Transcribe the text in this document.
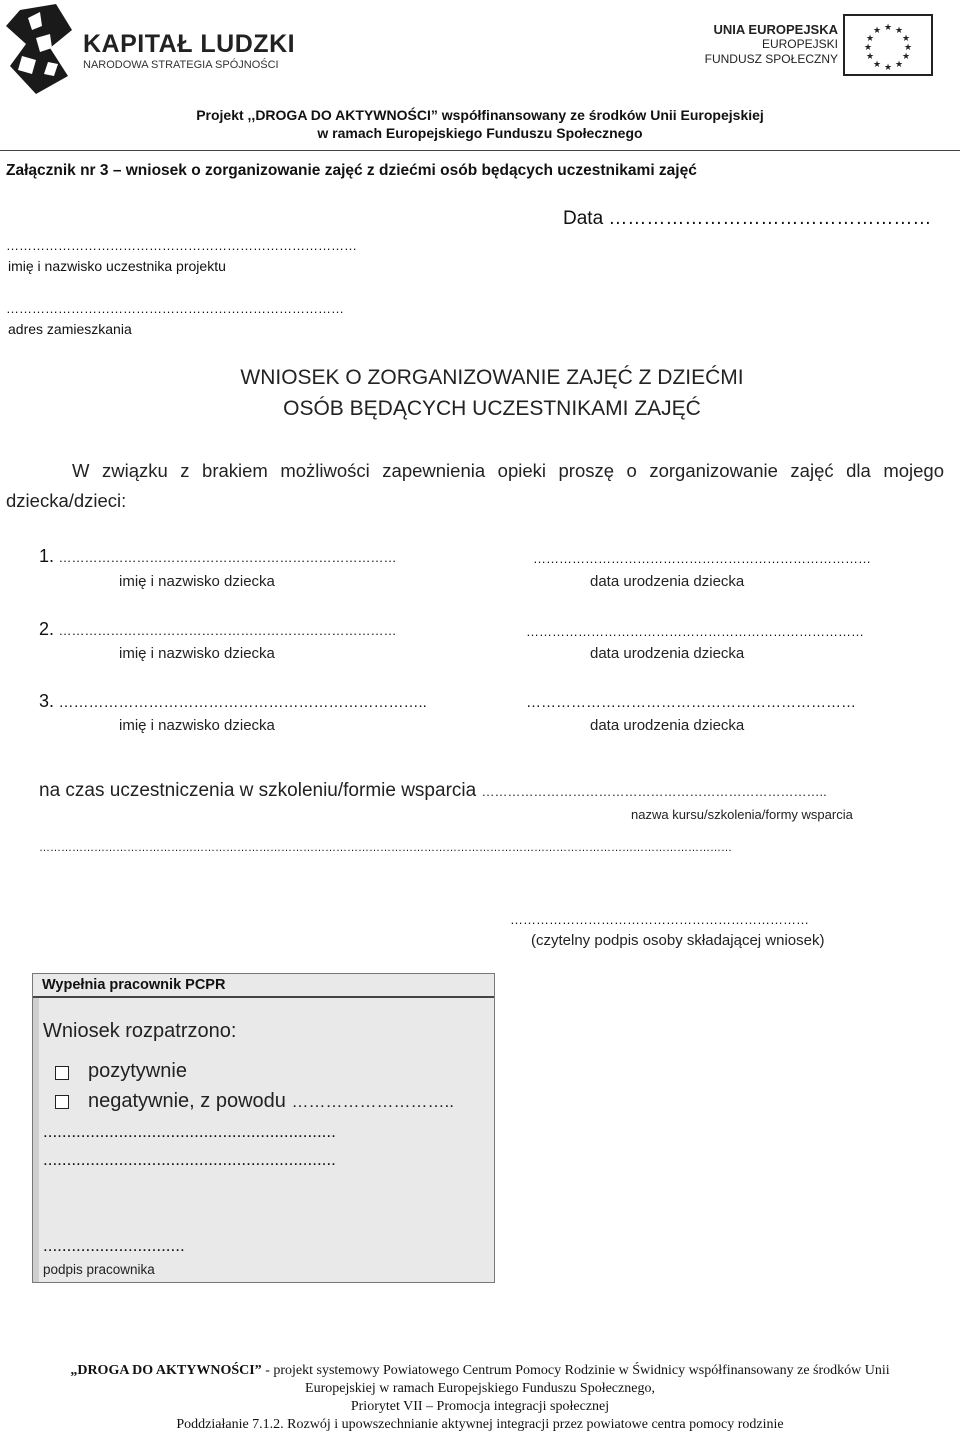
KAPITAŁ LUDZKI
NARODOWA STRATEGIA SPÓJNOŚCI
UNIA EUROPEJSKA
EUROPEJSKI
FUNDUSZ SPOŁECZNY
★ ★
★
★
★
★
★
★
★
★
★
★
Projekt ,,DROGA DO AKTYWNOŚCI” współfinansowany ze środków Unii Europejskiej
w ramach Europejskiego Funduszu Społecznego
Załącznik nr 3 – wniosek o zorganizowanie zajęć z dziećmi osób będących uczestnikami zajęć
Data ……………………………………………
………………………………………………………………………
imię i nazwisko uczestnika projektu
……………………………………………………………………
adres zamieszkania
WNIOSEK O ZORGANIZOWANIE ZAJĘĆ Z DZIEĆMI
OSÓB BĘDĄCYCH UCZESTNIKAMI ZAJĘĆ
W związku z brakiem możliwości zapewnienia opieki proszę o zorganizowanie zajęć dla mojego dziecka/dzieci:
1. ……………………………………………………………………	……………………………………………………………………
imię i nazwisko dziecka	data urodzenia dziecka
2. ……………………………………………………………………	……………………………………………………………………
imię i nazwisko dziecka	data urodzenia dziecka
3. ………………………………………………………………..	…………………………………………………………
imię i nazwisko dziecka	data urodzenia dziecka
na czas uczestniczenia w szkoleniu/formie wsparcia ……………………………………………………………………..
nazwa kursu/szkolenia/formy wsparcia
………………………………………………………………………………………………………………………………………………………………………
……………………………………………………………
(czytelny podpis osoby składającej wniosek)
Wypełnia pracownik PCPR
Wniosek rozpatrzono:
pozytywnie
negatywnie, z powodu ………………………..
..............................................................
..............................................................
..............................
podpis pracownika
„DROGA DO AKTYWNOŚCI” - projekt systemowy Powiatowego Centrum Pomocy Rodzinie w Świdnicy współfinansowany ze środków Unii
Europejskiej w ramach Europejskiego Funduszu Społecznego,
Priorytet VII – Promocja integracji społecznej
Poddziałanie 7.1.2. Rozwój i upowszechnianie aktywnej integracji przez powiatowe centra pomocy rodzinie
